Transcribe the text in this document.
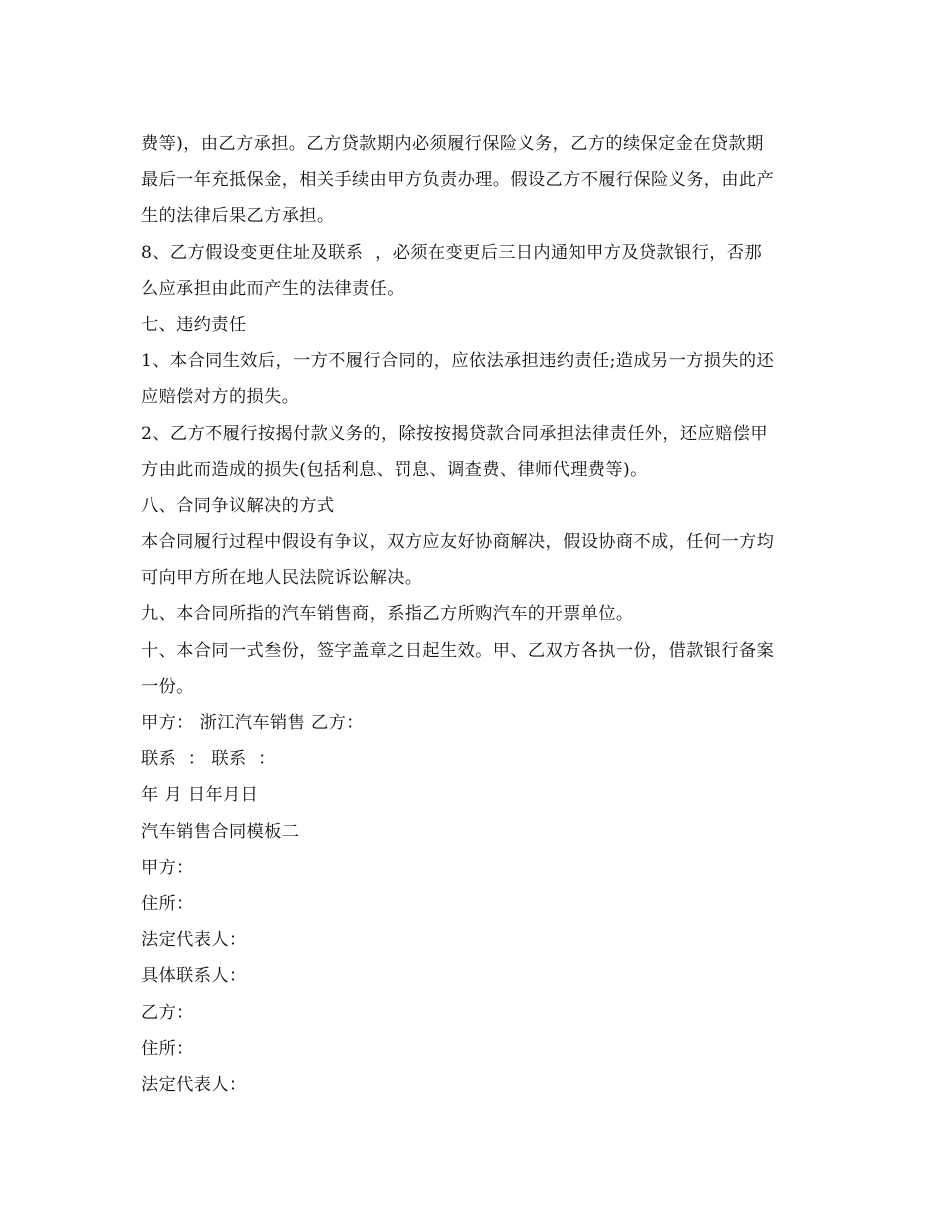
费等)，由乙方承担。乙方贷款期内必须履行保险义务，乙方的续保定金在贷款期
最后一年充抵保金，相关手续由甲方负责办理。假设乙方不履行保险义务，由此产
生的法律后果乙方承担。
8、乙方假设变更住址及联系  ，必须在变更后三日内通知甲方及贷款银行，否那
么应承担由此而产生的法律责任。
七、违约责任
1、本合同生效后，一方不履行合同的，应依法承担违约责任;造成另一方损失的还
应赔偿对方的损失。
2、乙方不履行按揭付款义务的，除按按揭贷款合同承担法律责任外，还应赔偿甲
方由此而造成的损失(包括利息、罚息、调查费、律师代理费等)。
八、合同争议解决的方式
本合同履行过程中假设有争议，双方应友好协商解决，假设协商不成，任何一方均
可向甲方所在地人民法院诉讼解决。
九、本合同所指的汽车销售商，系指乙方所购汽车的开票单位。
十、本合同一式叁份，签字盖章之日起生效。甲、乙双方各执一份，借款银行备案
一份。
甲方： 浙江汽车销售 乙方：
联系  ： 联系  ：
年 月 日年月日
汽车销售合同模板二
甲方：
住所：
法定代表人：
具体联系人：
乙方：
住所：
法定代表人：
